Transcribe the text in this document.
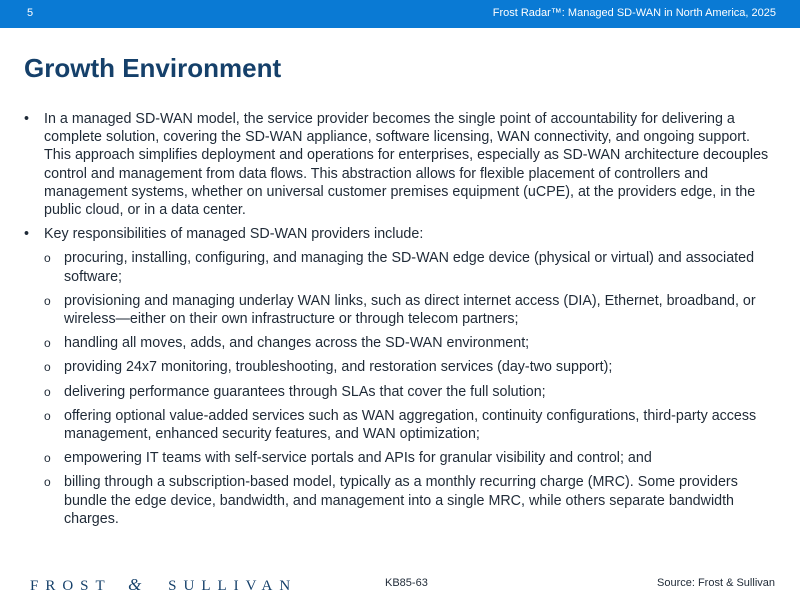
5	Frost Radar™: Managed SD-WAN in North America, 2025
Growth Environment
•	In a managed SD-WAN model, the service provider becomes the single point of accountability for delivering a complete solution, covering the SD-WAN appliance, software licensing, WAN connectivity, and ongoing support. This approach simplifies deployment and operations for enterprises, especially as SD-WAN architecture decouples control and management from data flows. This abstraction allows for flexible placement of controllers and management systems, whether on universal customer premises equipment (uCPE), at the providers edge, in the public cloud, or in a data center.
•	Key responsibilities of managed SD-WAN providers include:
o procuring, installing, configuring, and managing the SD-WAN edge device (physical or virtual) and associated software;
o provisioning and managing underlay WAN links, such as direct internet access (DIA), Ethernet, broadband, or wireless—either on their own infrastructure or through telecom partners;
o handling all moves, adds, and changes across the SD-WAN environment;
o providing 24x7 monitoring, troubleshooting, and restoration services (day-two support);
o delivering performance guarantees through SLAs that cover the full solution;
o offering optional value-added services such as WAN aggregation, continuity configurations, third-party access management, enhanced security features, and WAN optimization;
o empowering IT teams with self-service portals and APIs for granular visibility and control; and
o billing through a subscription-based model, typically as a monthly recurring charge (MRC). Some providers bundle the edge device, bandwidth, and management into a single MRC, while others separate bandwidth charges.
FROST & SULLIVAN	KB85-63	Source: Frost & Sullivan
